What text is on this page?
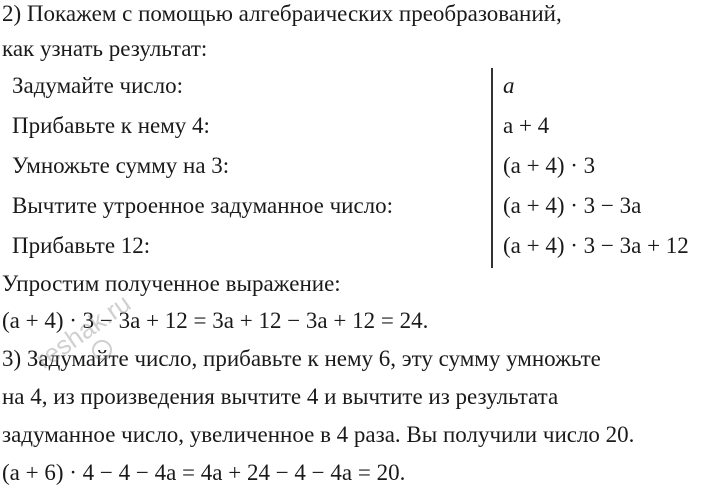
2) Покажем с помощью алгебраических преобразований,
как узнать результат:
Задумайте число:	a
Прибавьте к нему 4:	a + 4
Умножьте сумму на 3:	(a + 4) · 3
Вычтите утроенное задуманное число:	(a + 4) · 3 − 3a
Прибавьте 12:	(a + 4) · 3 − 3a + 12
Упростим полученное выражение:
(a + 4) · 3 − 3a + 12 = 3a + 12 − 3a + 12 = 24.
3) Задумайте число, прибавьте к нему 6, эту сумму умножьте
на 4, из произведения вычтите 4 и вычтите из результата
задуманное число, увеличенное в 4 раза. Вы получили число 20.
(a + 6) · 4 − 4 − 4a = 4a + 24 − 4 − 4a = 20.
reshak.ru
